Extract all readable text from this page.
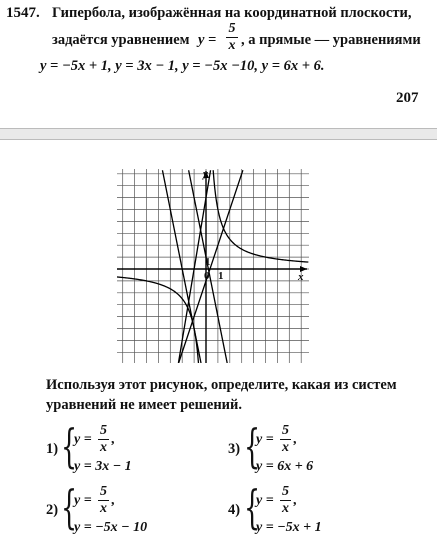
1547. Гипербола, изображённая на координатной плоскости,
задаётся уравнением y =
5
x , а прямые — уравнениями
y = −5x + 1, y = 3x − 1, y = −5x −10, y = 6x + 6.
207
y
x
0 1
1
Используя этот рисунок, определите, какая из систем
уравнений не имеет решений.
1) {
y =
5
x
,
y = 3x − 1
3) {
y =
5
x
,
y = 6x + 6
2) {
y =
5
x
,
y = −5x − 10
4) {
y =
5
x
,
y = −5x + 1
